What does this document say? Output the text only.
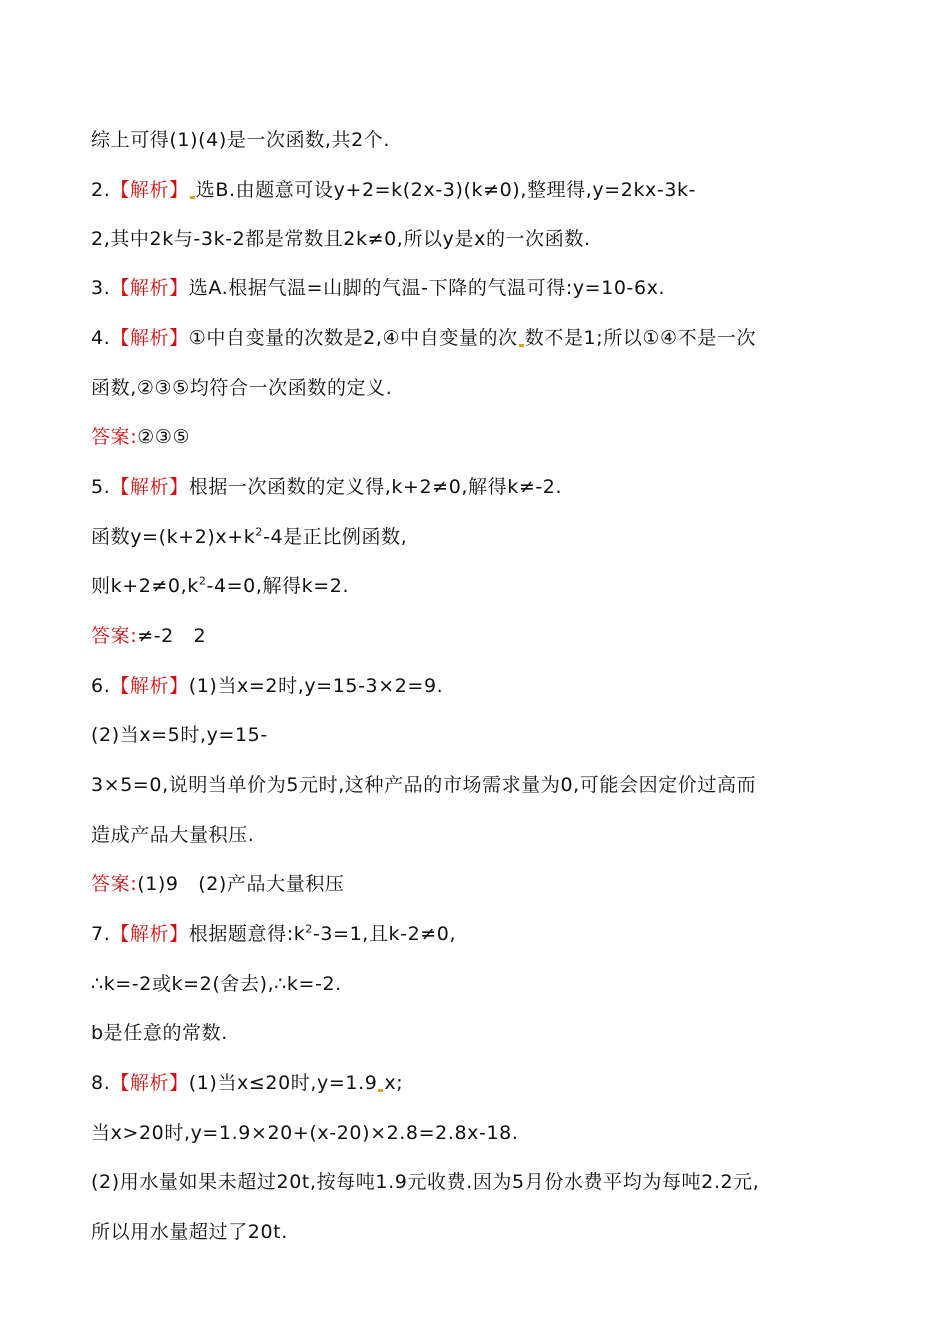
综上可得(1)(4)是一次函数,共2个.
2.【解析】 选B.由题意可设y+2=k(2x-3)(k≠0),整理得,y=2kx-3k-
2,其中2k与-3k-2都是常数且2k≠0,所以y是x的一次函数.
3.【解析】选A.根据气温=山脚的气温-下降的气温可得:y=10-6x.
4.【解析】①中自变量的次数是2,④中自变量的次 数不是1;所以①④不是一次
函数,②③⑤均符合一次函数的定义.
答案:②③⑤
5.【解析】根据一次函数的定义得,k+2≠0,解得k≠-2.
函数$y=(k+2)x+k^2-4$是正比例函数,
则$k+2\ne 0,k^2-4=0$,解得k=2.
答案:≠-2　2
6.【解析】(1)当x=2时,y=15-3×2=9.
(2)当x=5时,y=15-
3×5=0,说明当单价为5元时,这种产品的市场需求量为0,可能会因定价过高而
造成产品大量积压.
答案:(1)9　(2)产品大量积压
7.【解析】根据题意得$:k^2-3=1$,且k-2≠0,
∴k=-2或k=2(舍去),∴k=-2.
b是任意的常数.
8.【解析】(1)当x≤20时,y=1.9 x;
当x>20时,y=1.9×20+(x-20)×2.8=2.8x-18.
(2)用水量如果未超过20t,按每吨1.9元收费.因为5月份水费平均为每吨2.2元,
所以用水量超过了20t.
